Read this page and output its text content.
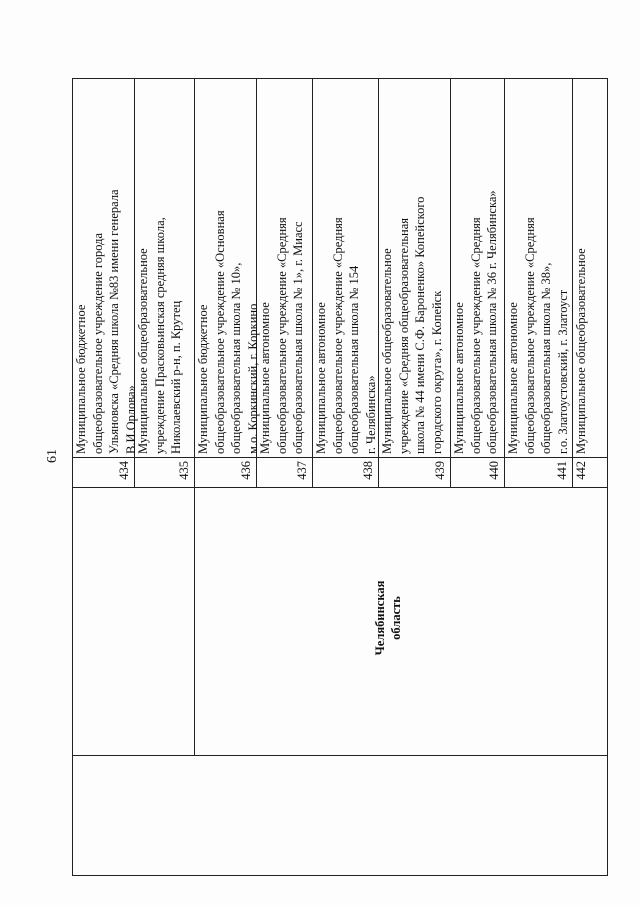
61
Челябинская область
434
Муниципальное бюджетное общеобразовательное учреждение города Ульяновска «Средняя школа №83 имени генерала В.И.Орлова»
435
Муниципальное общеобразовательное учреждение Прасковьинская средняя школа, Николаевский р-н, п. Крутец
436
Муниципальное бюджетное общеобразовательное учреждение «Основная общеобразовательная школа № 10», м.о. Коркинский, г. Коркино
437
Муниципальное автономное общеобразовательное учреждение «Средняя общеобразовательная школа № 1», г. Миасс
438
Муниципальное автономное общеобразовательное учреждение «Средняя общеобразовательная школа № 154 г. Челябинска»
439
Муниципальное общеобразовательное учреждение «Средняя общеобразовательная школа № 44 имени С.Ф. Бароненко» Копейского городского округа», г. Копейск
440
Муниципальное автономное общеобразовательное учреждение «Средняя общеобразовательная школа № 36 г. Челябинска»
441
Муниципальное автономное общеобразовательное учреждение «Средняя общеобразовательная школа № 38», г.о. Златоустовский, г. Златоуст
442
Муниципальное общеобразовательное
